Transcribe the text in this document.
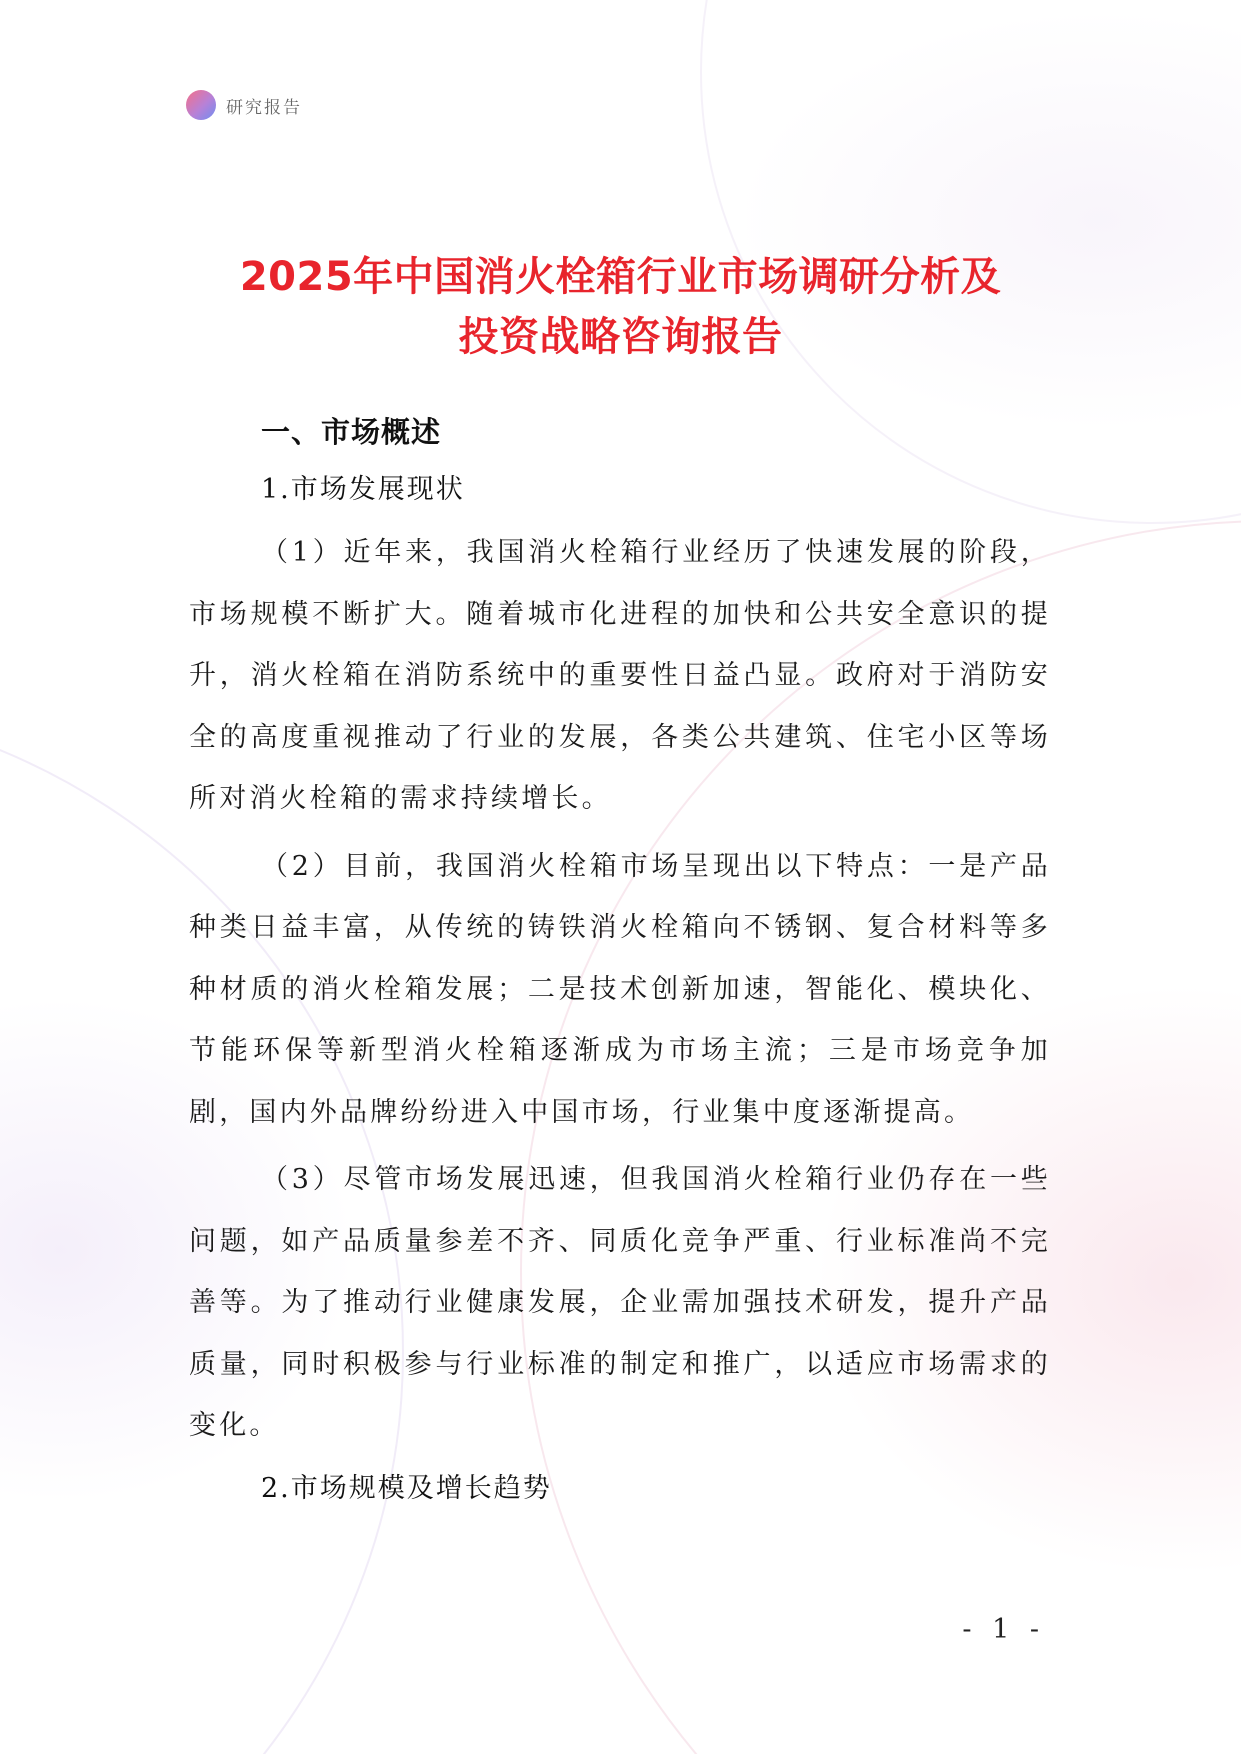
研究报告
2025年中国消火栓箱行业市场调研分析及
投资战略咨询报告
一、市场概述
1.市场发展现状

（1）近年来，我国消火栓箱行业经历了快速发展的阶段，市场规模不断扩大。随着城市化进程的加快和公共安全意识的提升，消火栓箱在消防系统中的重要性日益凸显。政府对于消防安全的高度重视推动了行业的发展，各类公共建筑、住宅小区等场所对消火栓箱的需求持续增长。

（2）目前，我国消火栓箱市场呈现出以下特点：一是产品种类日益丰富，从传统的铸铁消火栓箱向不锈钢、复合材料等多种材质的消火栓箱发展；二是技术创新加速，智能化、模块化、节能环保等新型消火栓箱逐渐成为市场主流；三是市场竞争加剧，国内外品牌纷纷进入中国市场，行业集中度逐渐提高。

（3）尽管市场发展迅速，但我国消火栓箱行业仍存在一些问题，如产品质量参差不齐、同质化竞争严重、行业标准尚不完善等。为了推动行业健康发展，企业需加强技术研发，提升产品质量，同时积极参与行业标准的制定和推广，以适应市场需求的变化。

2.市场规模及增长趋势
- 1 -
